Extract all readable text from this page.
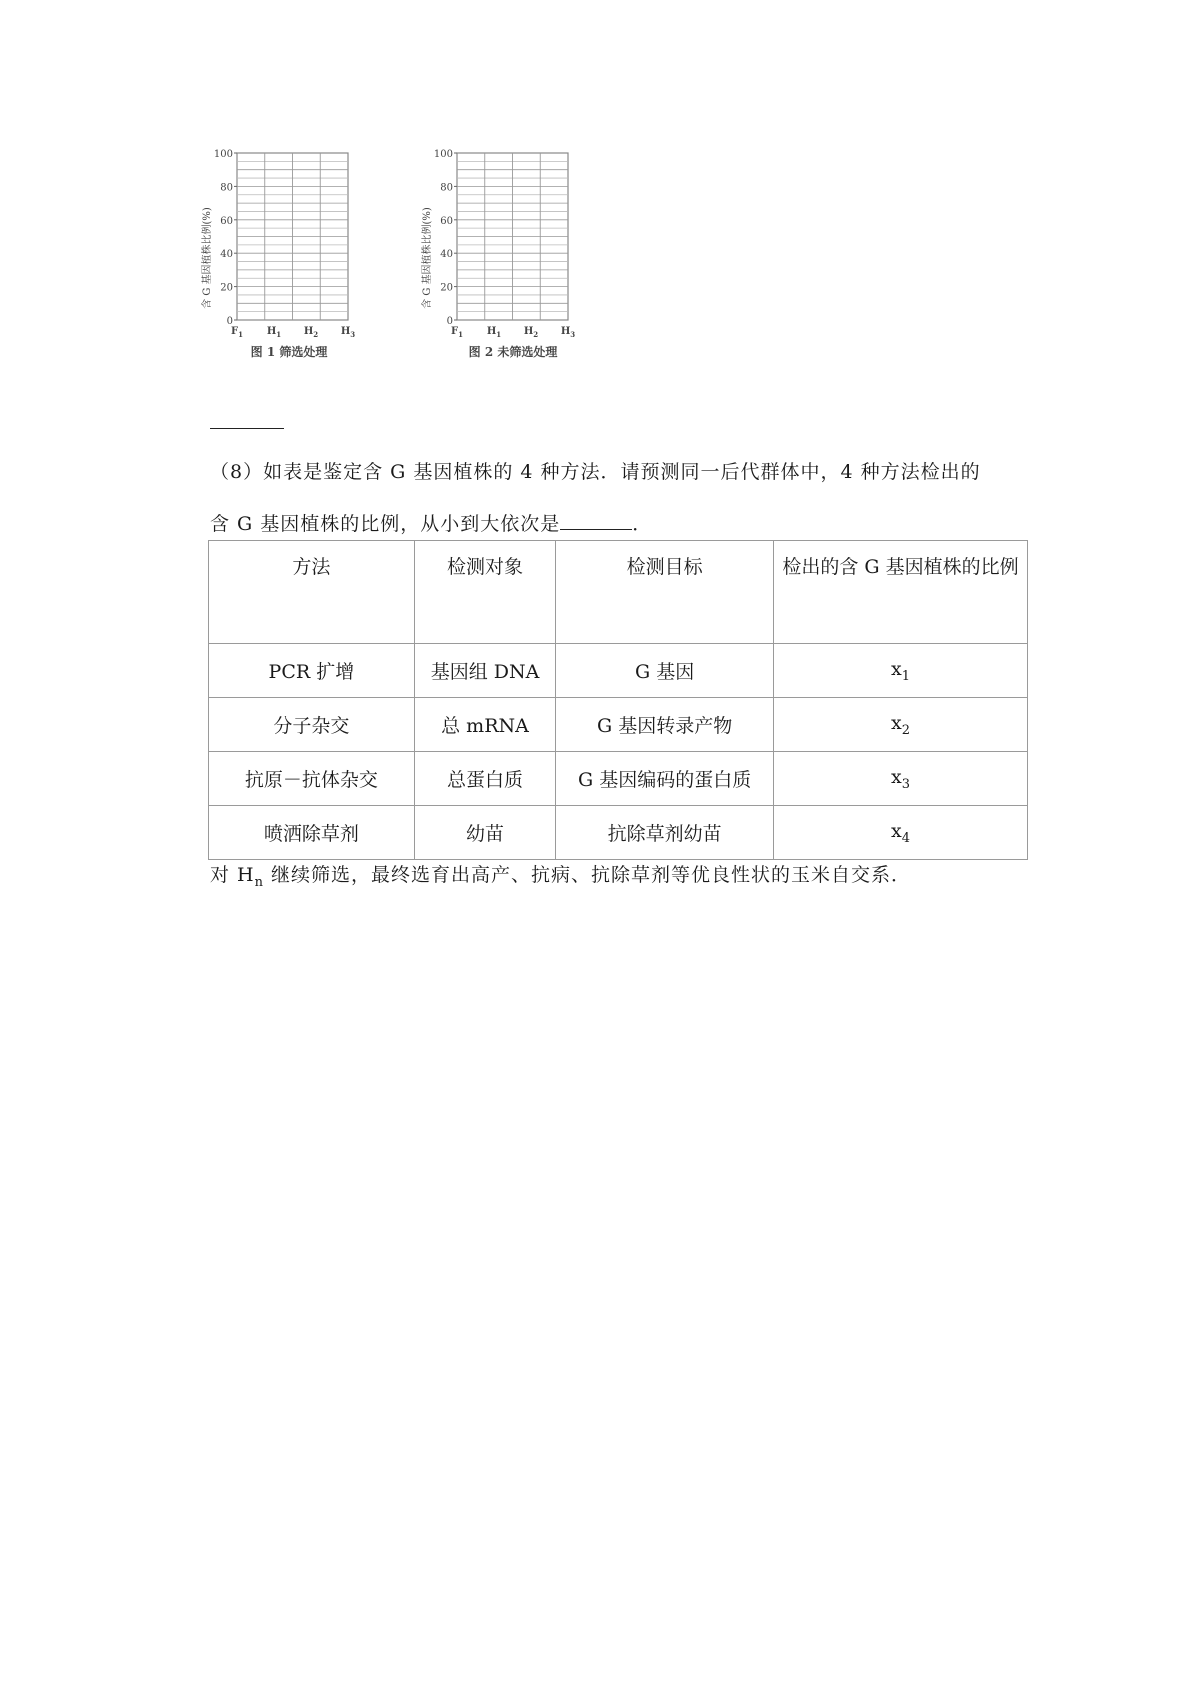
含 G 基因植株比例(%)
0
20
40
60
80
100
$F_1$ $H_1$ $H_2$ $H_3$
图 1 筛选处理
含 G 基因植株比例(%)
0
20
40
60
80
100
$F_1$ $H_1$ $H_2$ $H_3$
图 2 未筛选处理
（8）如表是鉴定含 G 基因植株的 4 种方法．请预测同一后代群体中，4 种方法检出的
含 G 基因植株的比例，从小到大依次是	．
方法	检测对象	检测目标	检出的含 G 基因植株的比例
PCR 扩增	基因组 DNA	G 基因	$x_1$
分子杂交	总 mRNA	G 基因转录产物	$x_2$
抗原－抗体杂交	总蛋白质	G 基因编码的蛋白质	$x_3$
喷洒除草剂	幼苗	抗除草剂幼苗	$x_4$
对 $H_n$ 继续筛选，最终选育出高产、抗病、抗除草剂等优良性状的玉米自交系．
